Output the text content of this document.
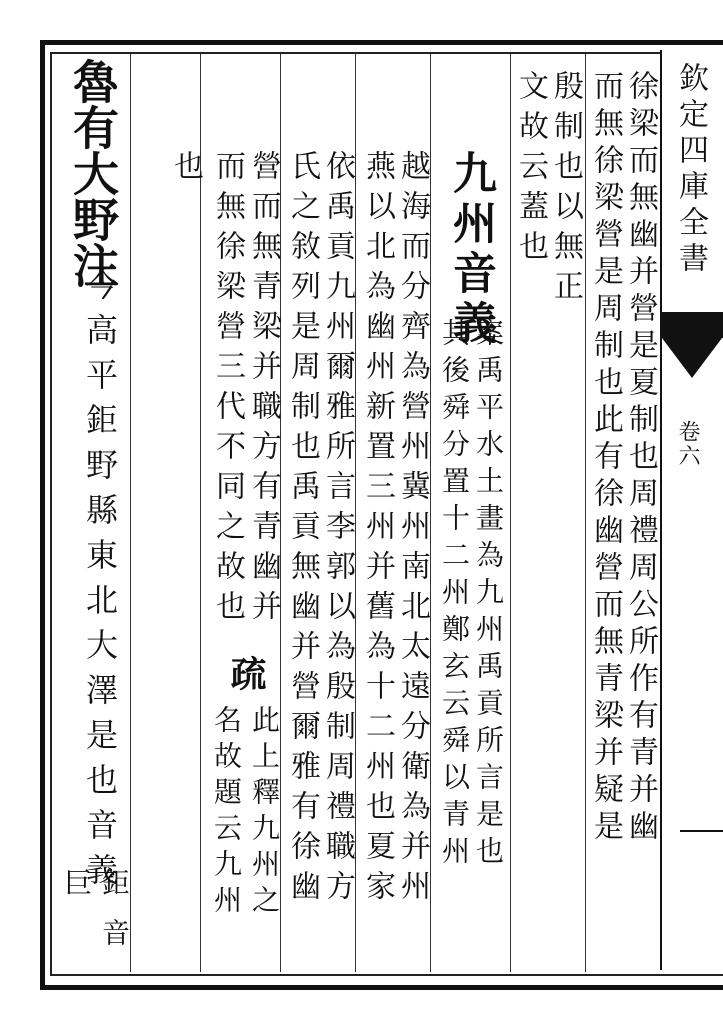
欽定四庫全書
卷六
魯有大野注
今高平鉅野縣東北大澤是也音義
巨 鉅音
也 而無徐梁營三代不同之故也 營而無青梁并職方有青幽并
疏
名故題云九州 此上釋九州之 氏之敘列是周制也禹貢無幽并營爾雅有徐幽 依禹貢九州爾雅所言李郭以為殷制周禮職方 燕以北為幽州新置三州并舊為十二州也夏家 越海而分齊為營州冀州南北太遠分衛為并州 九州音義
其後舜分置十二州鄭玄云舜以青州 案禹平水土畫為九州禹貢所言是也
文故云蓋也 殷制也以無正 而無徐梁營是周制也此有徐幽營而無青梁并疑是 徐梁而無幽并營是夏制也周禮周公所作有青并幽
